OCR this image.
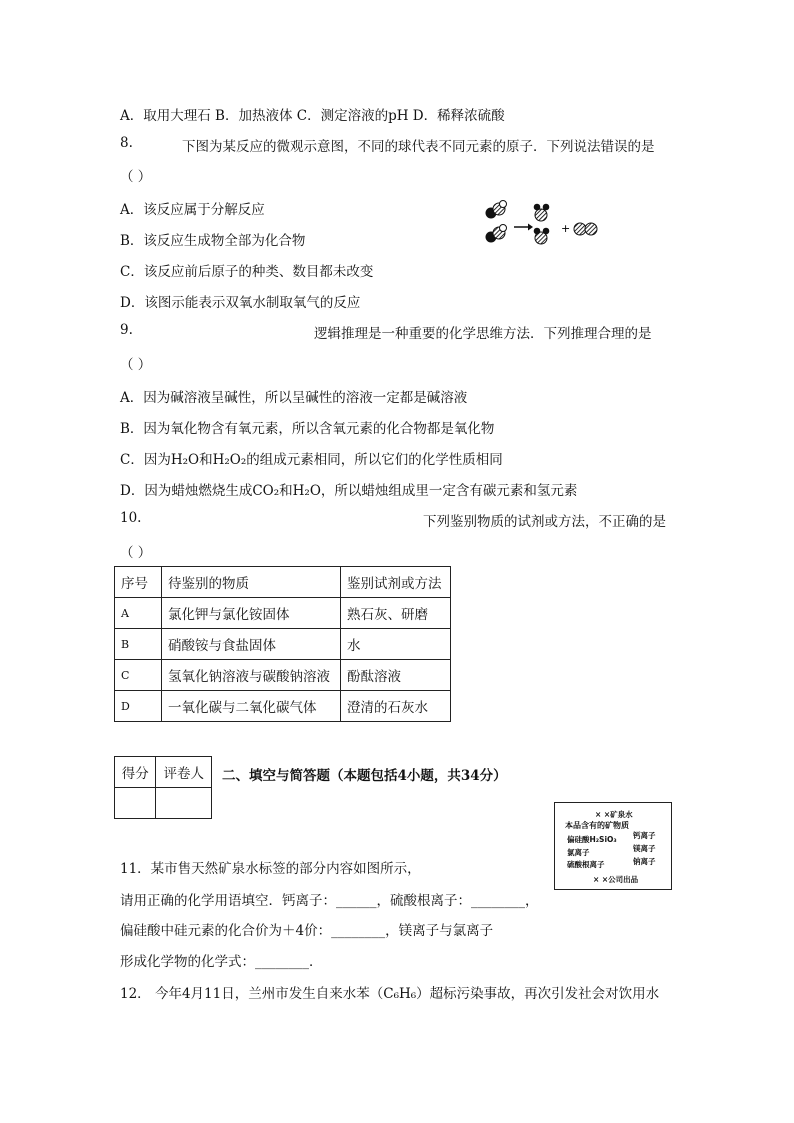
A．取用大理石 B．加热液体 C．测定溶液的pH D．稀释浓硫酸
8.	下图为某反应的微观示意图，不同的球代表不同元素的原子．下列说法错误的是
（ ）
A．该反应属于分解反应
B．该反应生成物全部为化合物
C．该反应前后原子的种类、数目都未改变
D．该图示能表示双氧水制取氧气的反应
+
9.	逻辑推理是一种重要的化学思维方法．下列推理合理的是
（ ）
A．因为碱溶液呈碱性，所以呈碱性的溶液一定都是碱溶液
B．因为氧化物含有氧元素，所以含氧元素的化合物都是氧化物
C．因为H₂O和H₂O₂的组成元素相同，所以它们的化学性质相同
D．因为蜡烛燃烧生成CO₂和H₂O，所以蜡烛组成里一定含有碳元素和氢元素
10.	下列鉴别物质的试剂或方法，不正确的是
（ ）
序号	待鉴别的物质	鉴别试剂或方法
A	氯化钾与氯化铵固体	熟石灰、研磨
B	硝酸铵与食盐固体	水
C	氢氧化钠溶液与碳酸钠溶液	酚酞溶液
D	一氧化碳与二氧化碳气体	澄清的石灰水
得分	评卷人
	二、填空与简答题（本题包括4小题，共34分）
× ×矿泉水
本品含有的矿物质
偏硅酸H₂SiO₃
氯离子
硫酸根离子
钙离子
镁离子
钠离子
× ×公司出品
11．某市售天然矿泉水标签的部分内容如图所示，
请用正确的化学用语填空．钙离子：______，硫酸根离子：________，
偏硅酸中硅元素的化合价为＋4价：________，镁离子与氯离子
形成化学物的化学式：________．
12． 今年4月11日，兰州市发生自来水苯（C₆H₆）超标污染事故，再次引发社会对饮用水
